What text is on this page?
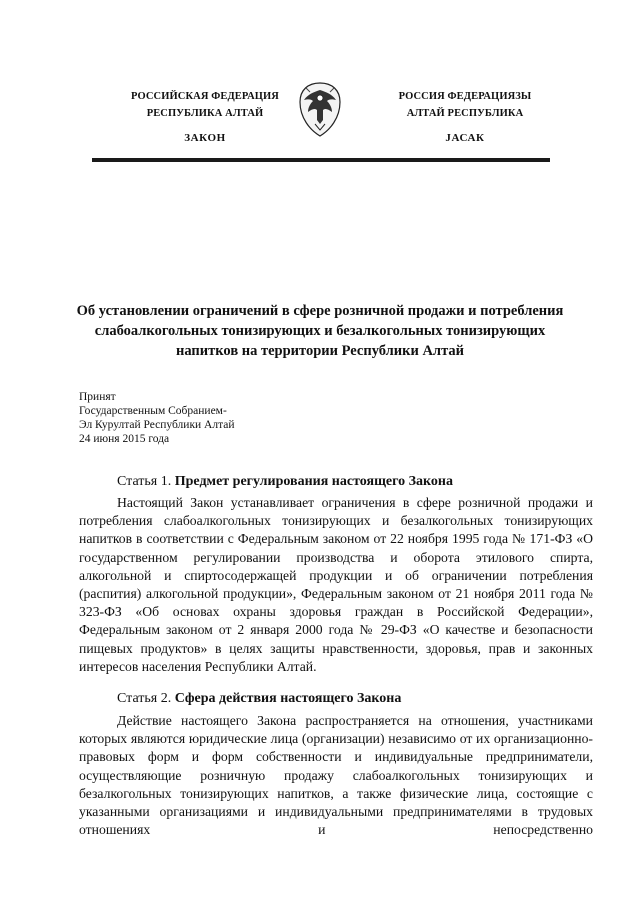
РОССИЙСКАЯ ФЕДЕРАЦИЯ
РЕСПУБЛИКА АЛТАЙ
ЗАКОН
РОССИЯ ФЕДЕРАЦИЯЗЫ
АЛТАЙ РЕСПУБЛИКА
JАСАК
Об установлении ограничений в сфере розничной продажи и потребления слабоалкогольных тонизирующих и безалкогольных тонизирующих напитков на территории Республики Алтай
Принят
Государственным Собранием-
Эл Курултай Республики Алтай
24 июня 2015 года
Статья 1. Предмет регулирования настоящего Закона
Настоящий Закон устанавливает ограничения в сфере розничной продажи и потребления слабоалкогольных тонизирующих и безалкогольных тонизирующих напитков в соответствии с Федеральным законом от 22 ноября 1995 года № 171-ФЗ «О государственном регулировании производства и оборота этилового спирта, алкогольной и спиртосодержащей продукции и об ограничении потребления (распития) алкогольной продукции», Федеральным законом от 21 ноября 2011 года № 323-ФЗ «Об основах охраны здоровья граждан в Российской Федерации», Федеральным законом от 2 января 2000 года № 29-ФЗ «О качестве и безопасности пищевых продуктов» в целях защиты нравственности, здоровья, прав и законных интересов населения Республики Алтай.
Статья 2. Сфера действия настоящего Закона
Действие настоящего Закона распространяется на отношения, участниками которых являются юридические лица (организации) независимо от их организационно-правовых форм и форм собственности и индивидуальные предприниматели, осуществляющие розничную продажу слабоалкогольных тонизирующих и безалкогольных тонизирующих напитков, а также физические лица, состоящие с указанными организациями и индивидуальными предпринимателями в трудовых отношениях и непосредственно
